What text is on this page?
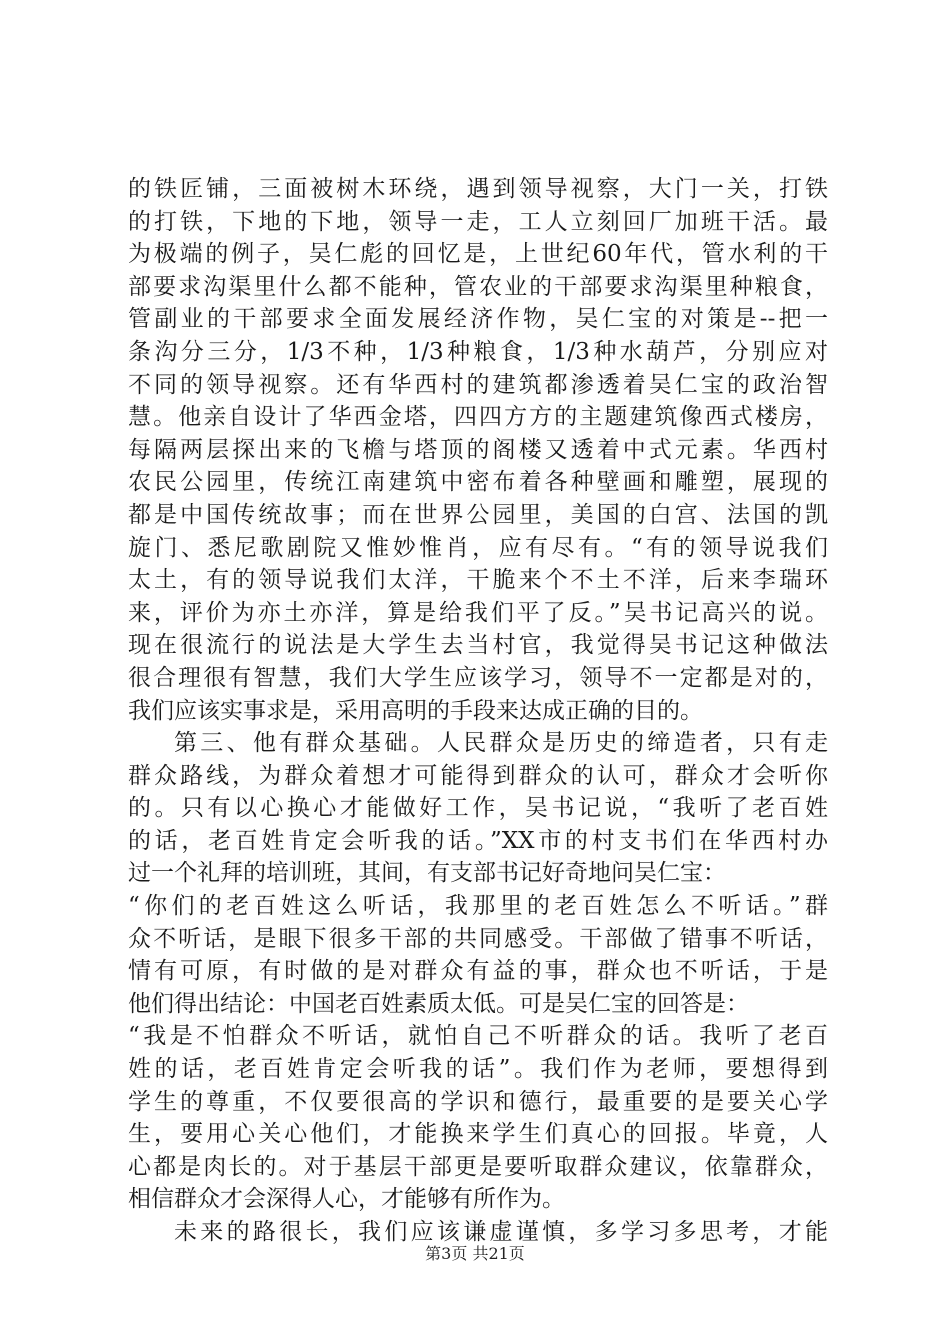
的铁匠铺，三面被树木环绕，遇到领导视察，大门一关，打铁
的打铁，下地的下地，领导一走，工人立刻回厂加班干活。最
为极端的例子，吴仁彪的回忆是，上世纪60年代，管水利的干
部要求沟渠里什么都不能种，管农业的干部要求沟渠里种粮食，
管副业的干部要求全面发展经济作物，吴仁宝的对策是--把一
条沟分三分，1/3不种，1/3种粮食，1/3种水葫芦，分别应对
不同的领导视察。还有华西村的建筑都渗透着吴仁宝的政治智
慧。他亲自设计了华西金塔，四四方方的主题建筑像西式楼房，
每隔两层探出来的飞檐与塔顶的阁楼又透着中式元素。华西村
农民公园里，传统江南建筑中密布着各种壁画和雕塑，展现的
都是中国传统故事；而在世界公园里，美国的白宫、法国的凯
旋门、悉尼歌剧院又惟妙惟肖，应有尽有。“有的领导说我们
太土，有的领导说我们太洋，干脆来个不土不洋，后来李瑞环
来，评价为亦土亦洋，算是给我们平了反。”吴书记高兴的说。
现在很流行的说法是大学生去当村官，我觉得吴书记这种做法
很合理很有智慧，我们大学生应该学习，领导不一定都是对的，
我们应该实事求是，采用高明的手段来达成正确的目的。
第三、他有群众基础。人民群众是历史的缔造者，只有走
群众路线，为群众着想才可能得到群众的认可，群众才会听你
的。只有以心换心才能做好工作，吴书记说，“我听了老百姓
的话，老百姓肯定会听我的话。”XX市的村支书们在华西村办
过一个礼拜的培训班，其间，有支部书记好奇地问吴仁宝：
“你们的老百姓这么听话，我那里的老百姓怎么不听话。”群
众不听话，是眼下很多干部的共同感受。干部做了错事不听话，
情有可原，有时做的是对群众有益的事，群众也不听话，于是
他们得出结论：中国老百姓素质太低。可是吴仁宝的回答是：
“我是不怕群众不听话，就怕自己不听群众的话。我听了老百
姓的话，老百姓肯定会听我的话”。我们作为老师，要想得到
学生的尊重，不仅要很高的学识和德行，最重要的是要关心学
生，要用心关心他们，才能换来学生们真心的回报。毕竟，人
心都是肉长的。对于基层干部更是要听取群众建议，依靠群众，
相信群众才会深得人心，才能够有所作为。
未来的路很长，我们应该谦虚谨慎，多学习多思考，才能
第3页 共21页
